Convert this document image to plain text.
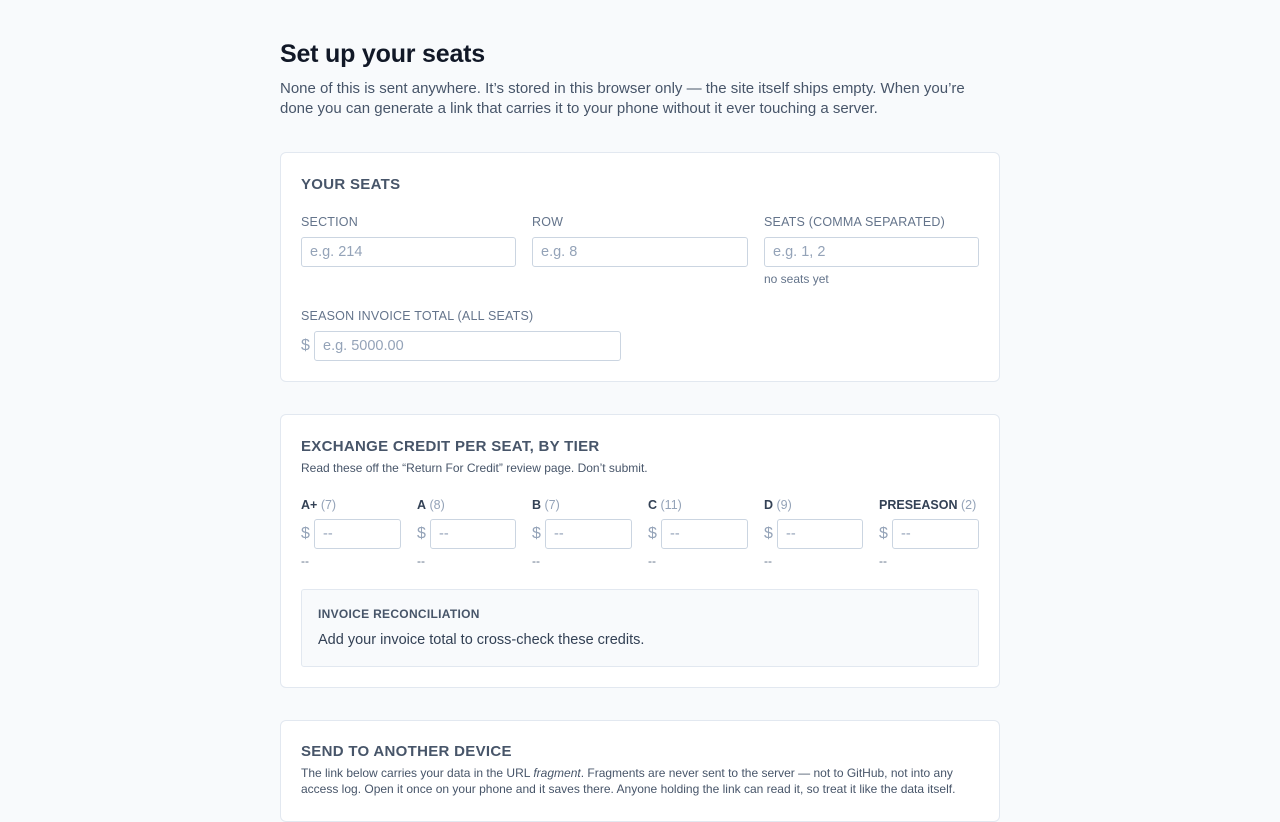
Set up your seats

None of this is sent anywhere. It’s stored in this browser only — the site itself ships empty. When you’re done you can generate a link that carries it to your phone without it ever touching a server.

YOUR SEATS
SECTION
e.g. 214	ROW
e.g. 8	SEATS (COMMA SEPARATED)
e.g. 1, 2
no seats yet
SEASON INVOICE TOTAL (ALL SEATS)
$
e.g. 5000.00
EXCHANGE CREDIT PER SEAT, BY TIER

Read these off the “Return For Credit” review page. Don’t submit.

A+ (7)
$
--
--
A (8)
$
--
--
B (7)
$
--
--
C (11)
$
--
--
D (9)
$
--
--
PRESEASON (2)
$
--
--
INVOICE RECONCILIATION

Add your invoice total to cross-check these credits.

SEND TO ANOTHER DEVICE

The link below carries your data in the URL fragment. Fragments are never sent to the server — not to GitHub, not into any access log. Open it once on your phone and it saves there. Anyone holding the link can read it, so treat it like the data itself.
